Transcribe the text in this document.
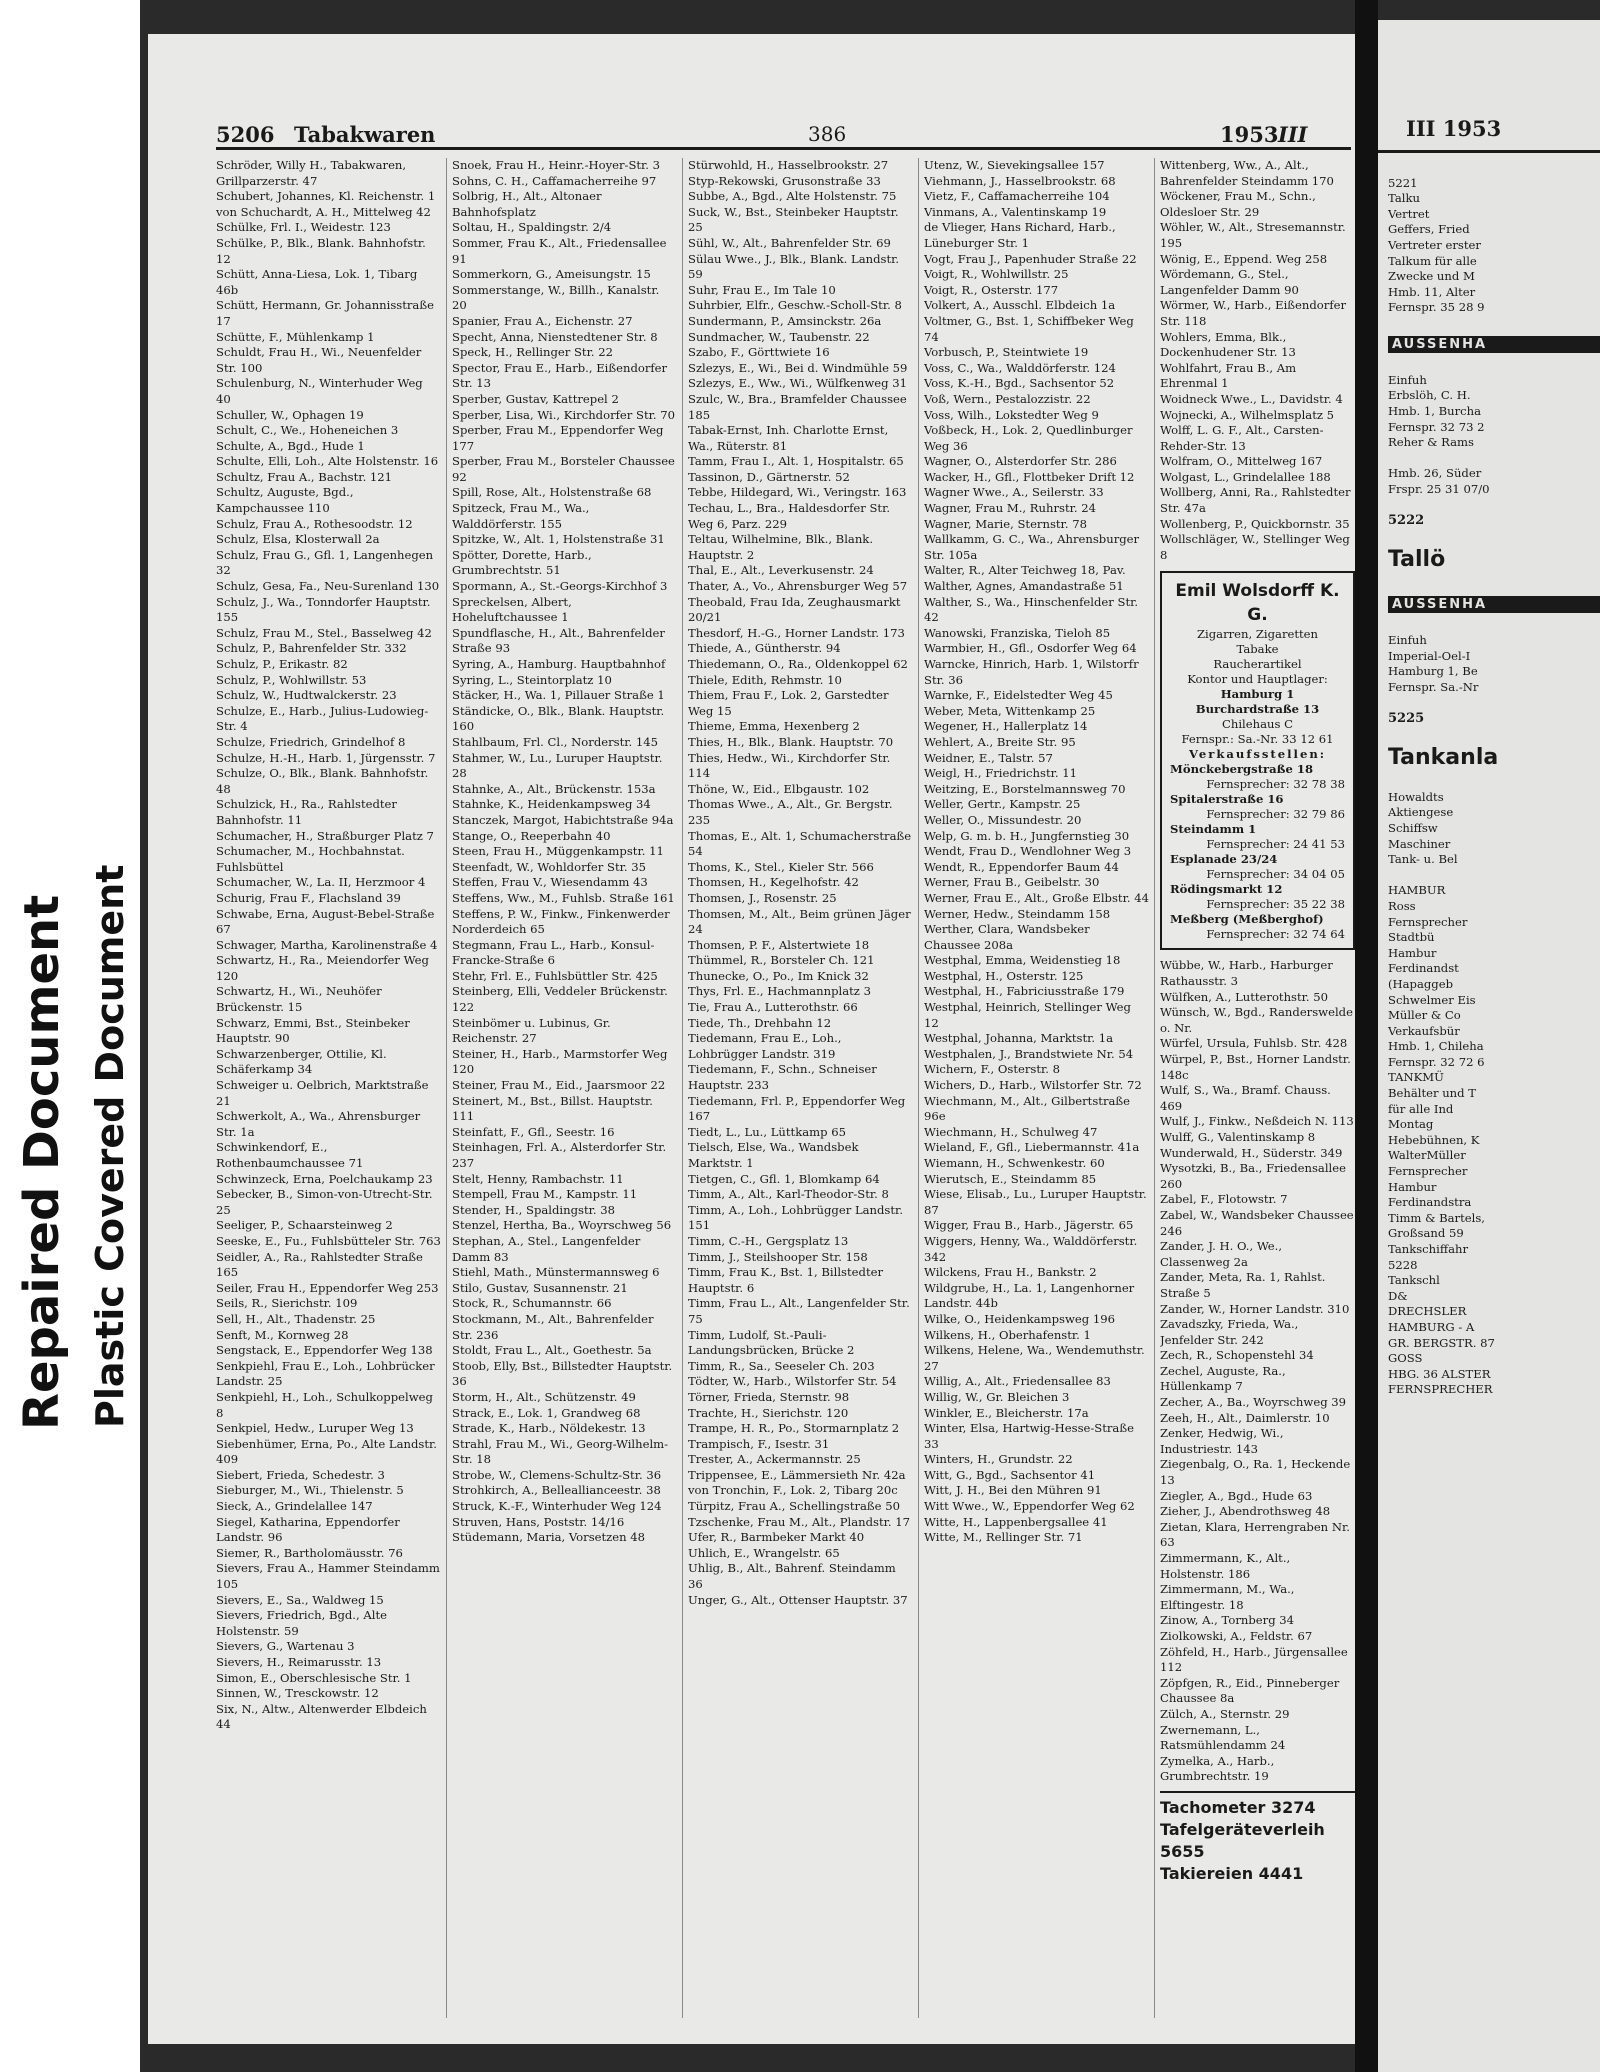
Repaired Document Plastic Covered Document
5206 Tabakwaren	386	1953 III
Schröder, Willy H., Tabakwaren, Grillparzerstr. 47
Schubert, Johannes, Kl. Reichenstr. 1
von Schuchardt, A. H., Mittelweg 42
Schülke, Frl. I., Weidestr. 123
Schülke, P., Blk., Blank. Bahnhofstr. 12
Schütt, Anna-Liesa, Lok. 1, Tibarg 46b
Schütt, Hermann, Gr. Johannisstraße 17
Schütte, F., Mühlenkamp 1
Schuldt, Frau H., Wi., Neuenfelder Str. 100
Schulenburg, N., Winterhuder Weg 40
Schuller, W., Ophagen 19
Schult, C., We., Hoheneichen 3
Schulte, A., Bgd., Hude 1
Schulte, Elli, Loh., Alte Holstenstr. 16
Schultz, Frau A., Bachstr. 121
Schultz, Auguste, Bgd., Kampchaussee 110
Schulz, Frau A., Rothesoodstr. 12
Schulz, Elsa, Klosterwall 2a
Schulz, Frau G., Gfl. 1, Langenhegen 32
Schulz, Gesa, Fa., Neu-Surenland 130
Schulz, J., Wa., Tonndorfer Hauptstr. 155
Schulz, Frau M., Stel., Basselweg 42
Schulz, P., Bahrenfelder Str. 332
Schulz, P., Erikastr. 82
Schulz, P., Wohlwillstr. 53
Schulz, W., Hudtwalckerstr. 23
Schulze, E., Harb., Julius-Ludowieg-Str. 4
Schulze, Friedrich, Grindelhof 8
Schulze, H.-H., Harb. 1, Jürgensstr. 7
Schulze, O., Blk., Blank. Bahnhofstr. 48
Schulzick, H., Ra., Rahlstedter Bahnhofstr. 11
Schumacher, H., Straßburger Platz 7
Schumacher, M., Hochbahnstat. Fuhlsbüttel
Schumacher, W., La. II, Herzmoor 4
Schurig, Frau F., Flachsland 39
Schwabe, Erna, August-Bebel-Straße 67
Schwager, Martha, Karolinenstraße 4
Schwartz, H., Ra., Meiendorfer Weg 120
Schwartz, H., Wi., Neuhöfer Brückenstr. 15
Schwarz, Emmi, Bst., Steinbeker Hauptstr. 90
Schwarzenberger, Ottilie, Kl. Schäferkamp 34
Schweiger u. Oelbrich, Marktstraße 21
Schwerkolt, A., Wa., Ahrensburger Str. 1a
Schwinkendorf, E., Rothenbaumchaussee 71
Schwinzeck, Erna, Poelchaukamp 23
Sebecker, B., Simon-von-Utrecht-Str. 25
Seeliger, P., Schaarsteinweg 2
Seeske, E., Fu., Fuhlsbütteler Str. 763
Seidler, A., Ra., Rahlstedter Straße 165
Seiler, Frau H., Eppendorfer Weg 253
Seils, R., Sierichstr. 109
Sell, H., Alt., Thadenstr. 25
Senft, M., Kornweg 28
Sengstack, E., Eppendorfer Weg 138
Senkpiehl, Frau E., Loh., Lohbrücker Landstr. 25
Senkpiehl, H., Loh., Schulkoppelweg 8
Senkpiel, Hedw., Luruper Weg 13
Siebenhümer, Erna, Po., Alte Landstr. 409
Siebert, Frieda, Schedestr. 3
Sieburger, M., Wi., Thielenstr. 5
Sieck, A., Grindelallee 147
Siegel, Katharina, Eppendorfer Landstr. 96
Siemer, R., Bartholomäusstr. 76
Sievers, Frau A., Hammer Steindamm 105
Sievers, E., Sa., Waldweg 15
Sievers, Friedrich, Bgd., Alte Holstenstr. 59
Sievers, G., Wartenau 3
Sievers, H., Reimarusstr. 13
Simon, E., Oberschlesische Str. 1
Sinnen, W., Tresckowstr. 12
Six, N., Altw., Altenwerder Elbdeich 44
Snoek, Frau H., Heinr.-Hoyer-Str. 3
Sohns, C. H., Caffamacherreihe 97
Solbrig, H., Alt., Altonaer Bahnhofsplatz
Soltau, H., Spaldingstr. 2/4
Sommer, Frau K., Alt., Friedensallee 91
Sommerkorn, G., Ameisungstr. 15
Sommerstange, W., Billh., Kanalstr. 20
Spanier, Frau A., Eichenstr. 27
Specht, Anna, Nienstedtener Str. 8
Speck, H., Rellinger Str. 22
Spector, Frau E., Harb., Eißendorfer Str. 13
Sperber, Gustav, Kattrepel 2
Sperber, Lisa, Wi., Kirchdorfer Str. 70
Sperber, Frau M., Eppendorfer Weg 177
Sperber, Frau M., Borsteler Chaussee 92
Spill, Rose, Alt., Holstenstraße 68
Spitzeck, Frau M., Wa., Walddörferstr. 155
Spitzke, W., Alt. 1, Holstenstraße 31
Spötter, Dorette, Harb., Grumbrechtstr. 51
Spormann, A., St.-Georgs-Kirchhof 3
Spreckelsen, Albert, Hoheluftchaussee 1
Spundflasche, H., Alt., Bahrenfelder Straße 93
Syring, A., Hamburg. Hauptbahnhof
Syring, L., Steintorplatz 10
Stäcker, H., Wa. 1, Pillauer Straße 1
Ständicke, O., Blk., Blank. Hauptstr. 160
Stahlbaum, Frl. Cl., Norderstr. 145
Stahmer, W., Lu., Luruper Hauptstr. 28
Stahnke, A., Alt., Brückenstr. 153a
Stahnke, K., Heidenkampsweg 34
Stanczek, Margot, Habichtstraße 94a
Stange, O., Reeperbahn 40
Steen, Frau H., Müggenkampstr. 11
Steenfadt, W., Wohldorfer Str. 35
Steffen, Frau V., Wiesendamm 43
Steffens, Ww., M., Fuhlsb. Straße 161
Steffens, P. W., Finkw., Finkenwerder Norderdeich 65
Stegmann, Frau L., Harb., Konsul-Francke-Straße 6
Stehr, Frl. E., Fuhlsbüttler Str. 425
Steinberg, Elli, Veddeler Brückenstr. 122
Steinbömer u. Lubinus, Gr. Reichenstr. 27
Steiner, H., Harb., Marmstorfer Weg 120
Steiner, Frau M., Eid., Jaarsmoor 22
Steinert, M., Bst., Billst. Hauptstr. 111
Steinfatt, F., Gfl., Seestr. 16
Steinhagen, Frl. A., Alsterdorfer Str. 237
Stelt, Henny, Rambachstr. 11
Stempell, Frau M., Kampstr. 11
Stender, H., Spaldingstr. 38
Stenzel, Hertha, Ba., Woyrschweg 56
Stephan, A., Stel., Langenfelder Damm 83
Stiehl, Math., Münstermannsweg 6
Stilo, Gustav, Susannenstr. 21
Stock, R., Schumannstr. 66
Stockmann, M., Alt., Bahrenfelder Str. 236
Stoldt, Frau L., Alt., Goethestr. 5a
Stoob, Elly, Bst., Billstedter Hauptstr. 36
Storm, H., Alt., Schützenstr. 49
Strack, E., Lok. 1, Grandweg 68
Strade, K., Harb., Nöldekestr. 13
Strahl, Frau M., Wi., Georg-Wilhelm-Str. 18
Strobe, W., Clemens-Schultz-Str. 36
Strohkirch, A., Belleallianceestr. 38
Struck, K.-F., Winterhuder Weg 124
Struven, Hans, Poststr. 14/16
Stüdemann, Maria, Vorsetzen 48
Stürwohld, H., Hasselbrookstr. 27
Styp-Rekowski, Grusonstraße 33
Subbe, A., Bgd., Alte Holstenstr. 75
Suck, W., Bst., Steinbeker Hauptstr. 25
Sühl, W., Alt., Bahrenfelder Str. 69
Sülau Wwe., J., Blk., Blank. Landstr. 59
Suhr, Frau E., Im Tale 10
Suhrbier, Elfr., Geschw.-Scholl-Str. 8
Sundermann, P., Amsinckstr. 26a
Sundmacher, W., Taubenstr. 22
Szabo, F., Görttwiete 16
Szlezys, E., Wi., Bei d. Windmühle 59
Szlezys, E., Ww., Wi., Wülfkenweg 31
Szulc, W., Bra., Bramfelder Chaussee 185
Tabak-Ernst, Inh. Charlotte Ernst, Wa., Rüterstr. 81
Tamm, Frau I., Alt. 1, Hospitalstr. 65
Tassinon, D., Gärtnerstr. 52
Tebbe, Hildegard, Wi., Veringstr. 163
Techau, L., Bra., Haldesdorfer Str. Weg 6, Parz. 229
Teltau, Wilhelmine, Blk., Blank. Hauptstr. 2
Thal, E., Alt., Leverkusenstr. 24
Thater, A., Vo., Ahrensburger Weg 57
Theobald, Frau Ida, Zeughausmarkt 20/21
Thesdorf, H.-G., Horner Landstr. 173
Thiede, A., Güntherstr. 94
Thiedemann, O., Ra., Oldenkoppel 62
Thiele, Edith, Rehmstr. 10
Thiem, Frau F., Lok. 2, Garstedter Weg 15
Thieme, Emma, Hexenberg 2
Thies, H., Blk., Blank. Hauptstr. 70
Thies, Hedw., Wi., Kirchdorfer Str. 114
Thöne, W., Eid., Elbgaustr. 102
Thomas Wwe., A., Alt., Gr. Bergstr. 235
Thomas, E., Alt. 1, Schumacherstraße 54
Thoms, K., Stel., Kieler Str. 566
Thomsen, H., Kegelhofstr. 42
Thomsen, J., Rosenstr. 25
Thomsen, M., Alt., Beim grünen Jäger 24
Thomsen, P. F., Alstertwiete 18
Thümmel, R., Borsteler Ch. 121
Thunecke, O., Po., Im Knick 32
Thys, Frl. E., Hachmannplatz 3
Tie, Frau A., Lutterothstr. 66
Tiede, Th., Drehbahn 12
Tiedemann, Frau E., Loh., Lohbrügger Landstr. 319
Tiedemann, F., Schn., Schneiser Hauptstr. 233
Tiedemann, Frl. P., Eppendorfer Weg 167
Tiedt, L., Lu., Lüttkamp 65
Tielsch, Else, Wa., Wandsbek Marktstr. 1
Tietgen, C., Gfl. 1, Blomkamp 64
Timm, A., Alt., Karl-Theodor-Str. 8
Timm, A., Loh., Lohbrügger Landstr. 151
Timm, C.-H., Gergsplatz 13
Timm, J., Steilshooper Str. 158
Timm, Frau K., Bst. 1, Billstedter Hauptstr. 6
Timm, Frau L., Alt., Langenfelder Str. 75
Timm, Ludolf, St.-Pauli-Landungsbrücken, Brücke 2
Timm, R., Sa., Seeseler Ch. 203
Tödter, W., Harb., Wilstorfer Str. 54
Törner, Frieda, Sternstr. 98
Trachte, H., Sierichstr. 120
Trampe, H. R., Po., Stormarnplatz 2
Trampisch, F., Isestr. 31
Trester, A., Ackermannstr. 25
Trippensee, E., Lämmersieth Nr. 42a
von Tronchin, F., Lok. 2, Tibarg 20c
Türpitz, Frau A., Schellingstraße 50
Tzschenke, Frau M., Alt., Plandstr. 17
Ufer, R., Barmbeker Markt 40
Uhlich, E., Wrangelstr. 65
Uhlig, B., Alt., Bahrenf. Steindamm 36
Unger, G., Alt., Ottenser Hauptstr. 37
Utenz, W., Sievekingsallee 157
Viehmann, J., Hasselbrookstr. 68
Vietz, F., Caffamacherreihe 104
Vinmans, A., Valentinskamp 19
de Vlieger, Hans Richard, Harb., Lüneburger Str. 1
Vogt, Frau J., Papenhuder Straße 22
Voigt, R., Wohlwillstr. 25
Voigt, R., Osterstr. 177
Volkert, A., Ausschl. Elbdeich 1a
Voltmer, G., Bst. 1, Schiffbeker Weg 74
Vorbusch, P., Steintwiete 19
Voss, C., Wa., Walddörferstr. 124
Voss, K.-H., Bgd., Sachsentor 52
Voß, Wern., Pestalozzistr. 22
Voss, Wilh., Lokstedter Weg 9
Voßbeck, H., Lok. 2, Quedlinburger Weg 36
Wagner, O., Alsterdorfer Str. 286
Wacker, H., Gfl., Flottbeker Drift 12
Wagner Wwe., A., Seilerstr. 33
Wagner, Frau M., Ruhrstr. 24
Wagner, Marie, Sternstr. 78
Wallkamm, G. C., Wa., Ahrensburger Str. 105a
Walter, R., Alter Teichweg 18, Pav.
Walther, Agnes, Amandastraße 51
Walther, S., Wa., Hinschenfelder Str. 42
Wanowski, Franziska, Tieloh 85
Warmbier, H., Gfl., Osdorfer Weg 64
Warncke, Hinrich, Harb. 1, Wilstorfr Str. 36
Warnke, F., Eidelstedter Weg 45
Weber, Meta, Wittenkamp 25
Wegener, H., Hallerplatz 14
Wehlert, A., Breite Str. 95
Weidner, E., Talstr. 57
Weigl, H., Friedrichstr. 11
Weitzing, E., Borstelmannsweg 70
Weller, Gertr., Kampstr. 25
Weller, O., Missundestr. 20
Welp, G. m. b. H., Jungfernstieg 30
Wendt, Frau D., Wendlohner Weg 3
Wendt, R., Eppendorfer Baum 44
Werner, Frau B., Geibelstr. 30
Werner, Frau E., Alt., Große Elbstr. 44
Werner, Hedw., Steindamm 158
Werther, Clara, Wandsbeker Chaussee 208a
Westphal, Emma, Weidenstieg 18
Westphal, H., Osterstr. 125
Westphal, H., Fabriciusstraße 179
Westphal, Heinrich, Stellinger Weg 12
Westphal, Johanna, Marktstr. 1a
Westphalen, J., Brandstwiete Nr. 54
Wichern, F., Osterstr. 8
Wichers, D., Harb., Wilstorfer Str. 72
Wiechmann, M., Alt., Gilbertstraße 96e
Wiechmann, H., Schulweg 47
Wieland, F., Gfl., Liebermannstr. 41a
Wiemann, H., Schwenkestr. 60
Wierutsch, E., Steindamm 85
Wiese, Elisab., Lu., Luruper Hauptstr. 87
Wigger, Frau B., Harb., Jägerstr. 65
Wiggers, Henny, Wa., Walddörferstr. 342
Wilckens, Frau H., Bankstr. 2
Wildgrube, H., La. 1, Langenhorner Landstr. 44b
Wilke, O., Heidenkampsweg 196
Wilkens, H., Oberhafenstr. 1
Wilkens, Helene, Wa., Wendemuthstr. 27
Willig, A., Alt., Friedensallee 83
Willig, W., Gr. Bleichen 3
Winkler, E., Bleicherstr. 17a
Winter, Elsa, Hartwig-Hesse-Straße 33
Winters, H., Grundstr. 22
Witt, G., Bgd., Sachsentor 41
Witt, J. H., Bei den Mühren 91
Witt Wwe., W., Eppendorfer Weg 62
Witte, H., Lappenbergsallee 41
Witte, M., Rellinger Str. 71
Wittenberg, Ww., A., Alt., Bahrenfelder Steindamm 170
Wöckener, Frau M., Schn., Oldesloer Str. 29
Wöhler, W., Alt., Stresemannstr. 195
Wönig, E., Eppend. Weg 258
Wördemann, G., Stel., Langenfelder Damm 90
Wörmer, W., Harb., Eißendorfer Str. 118
Wohlers, Emma, Blk., Dockenhudener Str. 13
Wohlfahrt, Frau B., Am Ehrenmal 1
Woidneck Wwe., L., Davidstr. 4
Wojnecki, A., Wilhelmsplatz 5
Wolff, L. G. F., Alt., Carsten-Rehder-Str. 13
Wolfram, O., Mittelweg 167
Wolgast, L., Grindelallee 188
Wollberg, Anni, Ra., Rahlstedter Str. 47a
Wollenberg, P., Quickbornstr. 35
Wollschläger, W., Stellinger Weg 8
Emil Wolsdorff K. G.
Zigarren, Zigaretten
Tabake
Raucherartikel
Kontor und Hauptlager:
Hamburg 1
Burchardstraße 13
Chilehaus C
Fernspr.: Sa.-Nr. 33 12 61
Verkaufsstellen:
Mönckebergstraße 18
Fernsprecher: 32 78 38
Spitalerstraße 16
Fernsprecher: 32 79 86
Steindamm 1
Fernsprecher: 24 41 53
Esplanade 23/24
Fernsprecher: 34 04 05
Rödingsmarkt 12
Fernsprecher: 35 22 38
Meßberg (Meßberghof)
Fernsprecher: 32 74 64
Wübbe, W., Harb., Harburger Rathausstr. 3
Wülfken, A., Lutterothstr. 50
Wünsch, W., Bgd., Randerswelde o. Nr.
Würfel, Ursula, Fuhlsb. Str. 428
Würpel, P., Bst., Horner Landstr. 148c
Wulf, S., Wa., Bramf. Chauss. 469
Wulf, J., Finkw., Neßdeich N. 113
Wulff, G., Valentinskamp 8
Wunderwald, H., Süderstr. 349
Wysotzki, B., Ba., Friedensallee 260
Zabel, F., Flotowstr. 7
Zabel, W., Wandsbeker Chaussee 246
Zander, J. H. O., We., Classenweg 2a
Zander, Meta, Ra. 1, Rahlst. Straße 5
Zander, W., Horner Landstr. 310
Zavadszky, Frieda, Wa., Jenfelder Str. 242
Zech, R., Schopenstehl 34
Zechel, Auguste, Ra., Hüllenkamp 7
Zecher, A., Ba., Woyrschweg 39
Zeeh, H., Alt., Daimlerstr. 10
Zenker, Hedwig, Wi., Industriestr. 143
Ziegenbalg, O., Ra. 1, Heckende 13
Ziegler, A., Bgd., Hude 63
Zieher, J., Abendrothsweg 48
Zietan, Klara, Herrengraben Nr. 63
Zimmermann, K., Alt., Holstenstr. 186
Zimmermann, M., Wa., Elftingestr. 18
Zinow, A., Tornberg 34
Ziolkowski, A., Feldstr. 67
Zöhfeld, H., Harb., Jürgensallee 112
Zöpfgen, R., Eid., Pinneberger Chaussee 8a
Zülch, A., Sternstr. 29
Zwernemann, L., Ratsmühlendamm 24
Zymelka, A., Harb., Grumbrechtstr. 19
Tachometer 3274
Tafelgeräteverleih 5655
Takiereien 4441
III 1953

5221
Talku
Vertret
Geffers, Fried
Vertreter erster
Talkum für alle
Zwecke und M
Hmb. 11, Alter
Fernspr. 35 28 9

AUSSENHA

Einfuh
Erbslöh, C. H.
Hmb. 1, Burcha
Fernspr. 32 73 2
Reher & Rams

Hmb. 26, Süder
Frspr. 25 31 07/0

5222

Tallö

AUSSENHA

Einfuh
Imperial-Oel-I
Hamburg 1, Be
Fernspr. Sa.-Nr

5225

Tankanla

Howaldts
Aktiengese
Schiffsw
Maschiner
Tank- u. Bel

HAMBUR
Ross
Fernsprecher
Stadtbü
Hambur
Ferdinandst
(Hapaggeb
Schwelmer Eis
Müller & Co
Verkaufsbür
Hmb. 1, Chileha
Fernspr. 32 72 6
TANKMÜ
Behälter und T
für alle Ind
Montag
Hebebühnen, K
WalterMüller
Fernsprecher
Hambur
Ferdinandstra
Timm & Bartels,
Großsand 59
Tankschiffahr
5228
Tankschl
D&
DRECHSLER
HAMBURG - A
GR. BERGSTR. 87
GOSS
HBG. 36 ALSTER
FERNSPRECHER
